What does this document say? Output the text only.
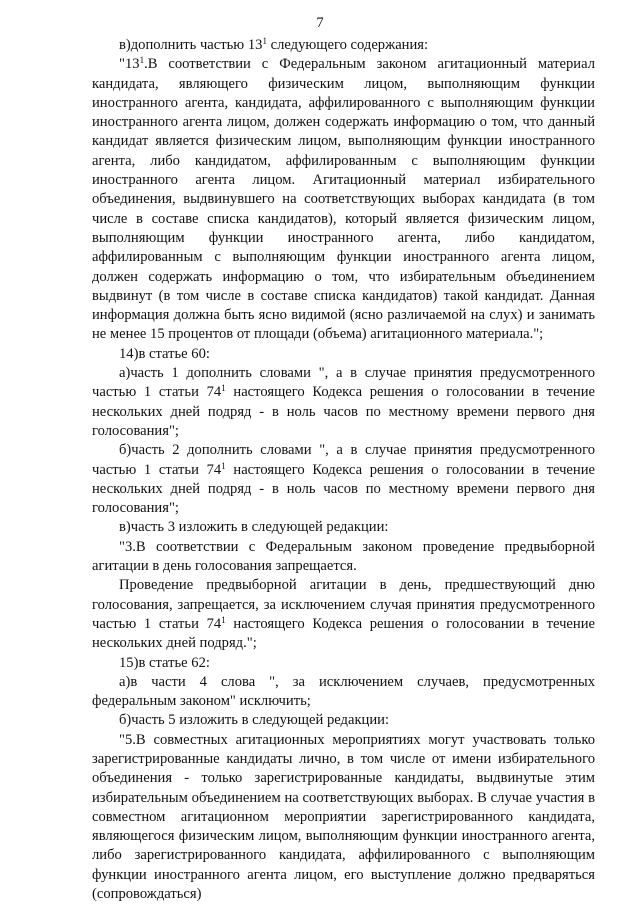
7

в)дополнить частью $13^1$ следующего содержания:

"$13^1.В$ соответствии с Федеральным законом агитационный материал кандидата, являющего физическим лицом, выполняющим функции иностранного агента, кандидата, аффилированного с выполняющим функции иностранного агента лицом, должен содержать информацию о том, что данный кандидат является физическим лицом, выполняющим функции иностранного агента, либо кандидатом, аффилированным с выполняющим функции иностранного агента лицом. Агитационный материал избирательного объединения, выдвинувшего на соответствующих выборах кандидата (в том числе в составе списка кандидатов), который является физическим лицом, выполняющим функции иностранного агента, либо кандидатом, аффилированным с выполняющим функции иностранного агента лицом, должен содержать информацию о том, что избирательным объединением выдвинут (в том числе в составе списка кандидатов) такой кандидат. Данная информация должна быть ясно видимой (ясно различаемой на слух) и занимать не менее 15 процентов от площади (объема) агитационного материала.";

14)в статье 60:

а)часть 1 дополнить словами ", а в случае принятия предусмотренного частью 1 статьи $74^1$ настоящего Кодекса решения о голосовании в течение нескольких дней подряд - в ноль часов по местному времени первого дня голосования";

б)часть 2 дополнить словами ", а в случае принятия предусмотренного частью 1 статьи $74^1$ настоящего Кодекса решения о голосовании в течение нескольких дней подряд - в ноль часов по местному времени первого дня голосования";

в)часть 3 изложить в следующей редакции:

"3.В соответствии с Федеральным законом проведение предвыборной агитации в день голосования запрещается.

Проведение предвыборной агитации в день, предшествующий дню голосования, запрещается, за исключением случая принятия предусмотренного частью 1 статьи $74^1$ настоящего Кодекса решения о голосовании в течение нескольких дней подряд.";

15)в статье 62:

а)в части 4 слова ", за исключением случаев, предусмотренных федеральным законом" исключить;

б)часть 5 изложить в следующей редакции:

"5.В совместных агитационных мероприятиях могут участвовать только зарегистрированные кандидаты лично, в том числе от имени избирательного объединения - только зарегистрированные кандидаты, выдвинутые этим избирательным объединением на соответствующих выборах. В случае участия в совместном агитационном мероприятии зарегистрированного кандидата, являющегося физическим лицом, выполняющим функции иностранного агента, либо зарегистрированного кандидата, аффилированного с выполняющим функции иностранного агента лицом, его выступление должно предваряться (сопровождаться)
